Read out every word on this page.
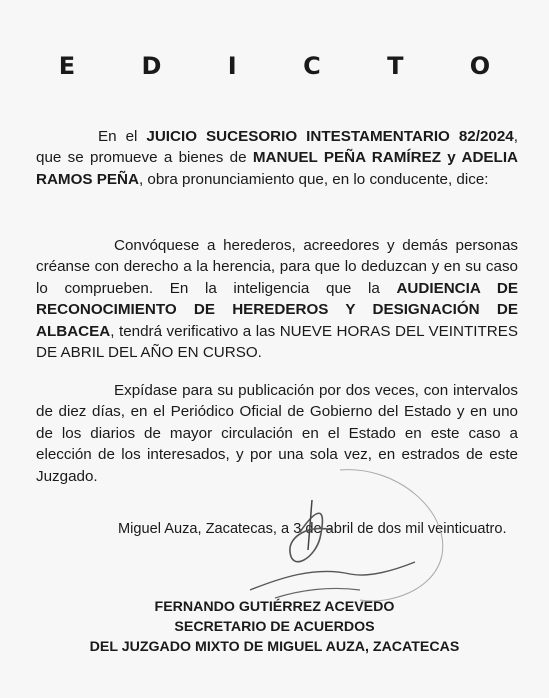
E D I C T O
En el JUICIO SUCESORIO INTESTAMENTARIO 82/2024, que se promueve a bienes de MANUEL PEÑA RAMÍREZ y ADELIA RAMOS PEÑA, obra pronunciamiento que, en lo conducente, dice:
Convóquese a herederos, acreedores y demás personas créanse con derecho a la herencia, para que lo deduzcan y en su caso lo comprueben. En la inteligencia que la AUDIENCIA DE RECONOCIMIENTO DE HEREDEROS Y DESIGNACIÓN DE ALBACEA, tendrá verificativo a las NUEVE HORAS DEL VEINTITRES DE ABRIL DEL AÑO EN CURSO.
Expídase para su publicación por dos veces, con intervalos de diez días, en el Periódico Oficial de Gobierno del Estado y en uno de los diarios de mayor circulación en el Estado en este caso a elección de los interesados, y por una sola vez, en estrados de este Juzgado.
Miguel Auza, Zacatecas, a 3 de abril de dos mil veinticuatro.
FERNANDO GUTIÉRREZ ACEVEDO
SECRETARIO DE ACUERDOS
DEL JUZGADO MIXTO DE MIGUEL AUZA, ZACATECAS
